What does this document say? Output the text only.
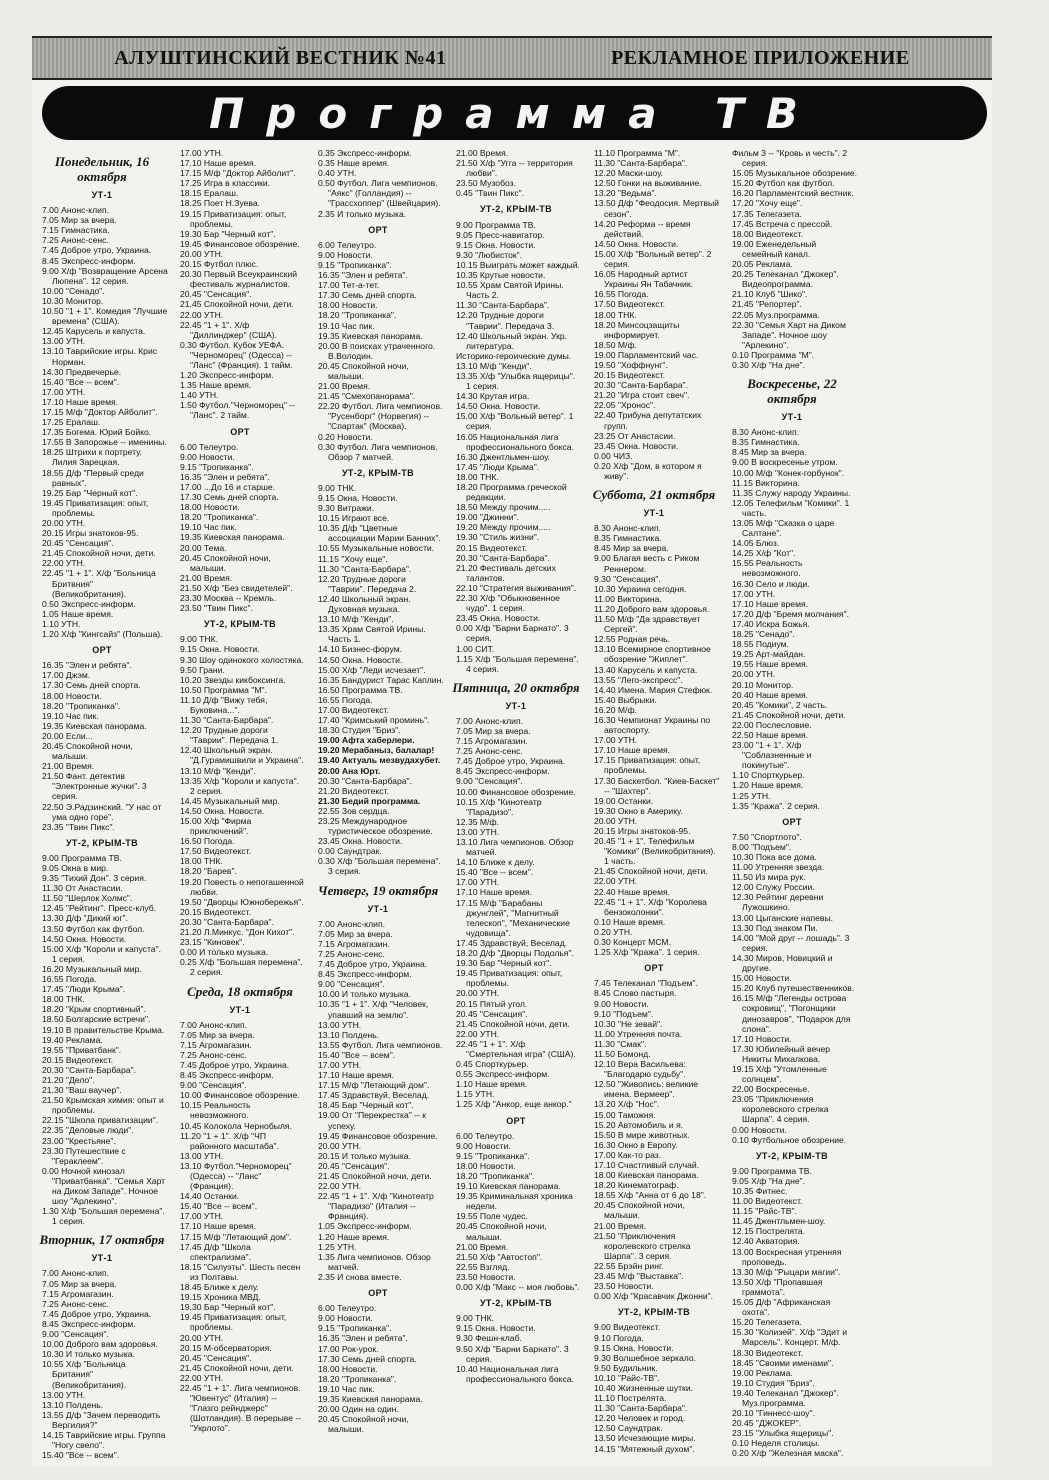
АЛУШТИНСКИЙ ВЕСТНИК №41	РЕКЛАМНОЕ ПРИЛОЖЕНИЕ
Программа ТВ
Понедельник, 16 октября
УТ-1
7.00 Анонс-клип.
7.05 Мир за вчера.
7.15 Гимнастика.
7.25 Анонс-сенс.
7.45 Доброе утро, Украина.
8.45 Экспресс-информ.
9.00 Х/ф "Возвращение Арсена Люпена". 12 серия.
10.00 "Сенадо".
10.30 Монитор.
10.50 "1 + 1". Комедия "Лучшие времена" (США).
12.45 Карусель и капуста.
13.00 УТН.
13.10 Таврийские игры. Крис Норман.
14.30 Предвечерье.
15.40 "Все -- всем".
17.00 УТН.
17.10 Наше время.
17.15 М/ф "Доктор Айболит".
17.25 Ералаш.
17.35 Богема. Юрий Бойко.
17.55 В Запорожье -- именины.
18.25 Штрихи к портрету. Лилия Зарецкая.
18.55 Д/ф "Первый среди равных".
19.25 Бар "Черный кот".
19.45 Приватизация: опыт, проблемы.
20.00 УТН.
20.15 Игры знатоков-95.
20.45 "Сенсация".
21.45 Спокойной ночи, дети.
22.00 УТН.
22.45 "1 + 1". Х/ф "Больница Бритвния" (Великобритания).
0.50 Экспресс-информ.
1.05 Наше время.
1.10 УТН.
1.20 Х/ф "Кингсайз" (Польша).
ОРТ
16.35 "Элен и ребята".
17.00 Джэм.
17.30 Семь дней спорта.
18.00 Новости.
18.20 "Тропиканка".
19.10 Час пик.
19.35 Киевская панорама.
20.00 Если...
20.45 Спокойной ночи, малыши.
21.00 Время.
21.50 Фант. детектив "Электронные жучки". 3 серия.
22.50 Э.Радзинский. "У нас от ума одно горе".
23.35 "Твин Пикс".
УТ-2, КРЫМ-ТВ
9.00 Программа ТВ.
9.05 Окна в мир.
9.35 "Тихий Дон". 3 серия.
11.30 От Анастасии.
11.50 "Шерлок Холмс".
12.45 "Рейтинг". Пресс-клуб.
13.30 Д/ф "Дикий юг".
13.50 Футбол как футбол.
14.50 Окна. Новости.
15.00 Х/ф "Короли и капуста". 1 серия.
16.20 Музыкальный мир.
16.55 Погода.
17.45 "Люди Крыма".
18.00 ТНК.
18.20 "Крым спортивный".
18.50 Болгарские встречи".
19.10 В правительстве Крыма.
19.40 Реклама.
19.55 "Приватбанк".
20.15 Видеотекст.
20.30 "Санта-Барбара".
21.20 "Дело".
21.30 "Ваш ваучер".
21.50 Крымская химия: опыт и проблемы.
22.15 "Школа приватизации".
22.35 "Деловые люди".
23.00 "Крестьяне".
23.30 Путешествие с "Гераклеем".
0.00 Ночной кинозал "Приватбанка". "Семья Харт на Диком Западе". Ночное шоу "Арлекино".
1.30 Х/ф "Большая перемена". 1 серия.
Вторник, 17 октября
УТ-1
7.00 Анонс-клип.
7.05 Мир за вчера.
7.15 Агромагазин.
7.25 Анонс-сенс.
7.45 Доброе утро, Украина.
8.45 Экспресс-информ.
9.00 "Сенсация".
10.00 Доброго вам здоровья.
10.30 И только музыка.
10.55 Х/ф "Больница Британия" (Великобритания).
13.00 УТН.
13.10 Полдень.
13.55 Д/ф "Зачем переводить Вергилия?"
14.15 Таврийские игры. Группа "Ногу свело".
15.40 "Все -- всем".
17.00 УТН.
17.10 Наше время.
17.15 М/ф "Доктор Айболит".
17.25 Игра в классики.
18.15 Ералаш.
18.25 Поет Н.Зуева.
19.15 Приватизация: опыт, проблемы.
19.30 Бар "Черный кот".
19.45 Финансовое обозрение.
20.00 УТН.
20.15 Футбол плюс.
20.30 Первый Всеукраинский фестиваль журналистов.
20.45 "Сенсация".
21.45 Спокойной ночи, дети.
22.00 УТН.
22.45 "1 + 1". Х/ф "Диллинджер" (США).
0.30 Футбол. Кубок УЕФА. "Черноморец" (Одесса) -- "Ланс" (Франция). 1 тайм.
1.20 Экспресс-информ.
1.35 Наше время.
1.40 УТН.
1.50 Футбол."Черноморец" -- "Ланс". 2 тайм.
ОРТ
6.00 Телеутро.
9.00 Новости.
9.15 "Тропиканка".
16.35 "Элен и ребята".
17.00 ...До 16 и старше.
17.30 Семь дней спорта.
18.00 Новости.
18.20 "Тропиканка".
19.10 Час пик.
19.35 Киевская панорама.
20.00 Тема.
20.45 Спокойной ночи, малыши.
21.00 Время.
21.50 Х/ф "Без свидетелей".
23.30 Москва -- Кремль.
23.50 "Твин Пикс".
УТ-2, КРЫМ-ТВ
9.00 ТНК.
9.15 Окна. Новости.
9.30 Шоу одинокого холостяка.
9.50 Грани.
10.20 Звезды кикбоксинга.
10.50 Программа "М".
11.10 Д/ф "Вижу тебя, Буковина...".
11.30 "Санта-Барбара".
12.20 Трудные дороги "Таврии". Передача 1.
12.40 Школьный экран. "Д.Гурамишвили и Украина".
13.10 М/ф "Кенди".
13.35 Х/ф "Короли и капуста". 2 серия.
14.45 Музыкальный мир.
14.50 Окна. Новости.
15.00 Х/ф "Фирма приключений".
16.50 Погода.
17.50 Видеотекст.
18.00 ТНК.
18.20 "Барев".
19.20 Повесть о непогашенной любви.
19.50 "Дворцы Южнобережья".
20.15 Видеотекст.
20.30 "Санта-Барбара".
21.20 Л.Минкус. "Дон Кихот".
23.15 "Киновек".
0.00 И только музыка.
0.25 Х/ф "Большая перемена". 2 серия.
Среда, 18 октября
УТ-1
7.00 Анонс-клип.
7.05 Мир за вчера.
7.15 Агромагазин.
7.25 Анонс-сенс.
7.45 Доброе утро, Украина.
8.45 Экспресс-информ.
9.00 "Сенсация".
10.00 Финансовое обозрение.
10.15 Реальность невозможного.
10.45 Колокола Чернобыля.
11.20 "1 + 1". Х/ф "ЧП районного масштаба".
13.00 УТН.
13.10 Футбол."Черноморец" (Одесса) -- "Ланс" (Франция).
14.40 Останки.
15.40 "Все -- всем".
17.00 УТН.
17.10 Наше время.
17.15 М/ф "Летающий дом".
17.45 Д/ф "Школа спектрализма".
18.15 "Силуэты". Шесть песен из Полтавы.
18.45 Ближе к делу.
19.15 Хроника МВД.
19.30 Бар "Черный кот".
19.45 Приватизация: опыт, проблемы.
20.00 УТН.
20.15 М-обсерватория.
20.45 "Сенсация".
21.45 Спокойной ночи, дети.
22.00 УТН.
22.45 "1 + 1". Лига чемпионов. "Ювентус" (Италия) -- "Глазго рейнджерс" (Шотландия). В перерыве -- "Укрлото".
0.35 Экспресс-информ.
0.35 Наше время.
0.40 УТН.
0.50 Футбол. Лига чемпионов. "Аякс" (Голландия) -- "Грассхоппер" (Швейцария).
2.35 И только музыка.
ОРТ
6.00 Телеутро.
9.00 Новости.
9.15 "Тропиканка".
16.35 "Элен и ребята".
17.00 Тет-а-тет.
17.30 Семь дней спорта.
18.00 Новости.
18.20 "Тропиканка".
19.10 Час пик.
19.35 Киевская панорама.
20.00 В поисках утраченного. В.Володин.
20.45 Спокойной ночи, малыши.
21.00 Время.
21.45 "Смехопанорама".
22.20 Футбол. Лига чемпионов. "Русенборг" (Норвегия) -- "Спартак" (Москва).
0.20 Новости.
0.30 Футбол. Лига чемпионов. Обзор 7 матчей.
УТ-2, КРЫМ-ТВ
9.00 ТНК.
9.15 Окна. Новости.
9.30 Витражи.
10.15 Играют все.
10.35 Д/ф "Цветные ассоциации Марии Банних".
10.55 Музыкальные новости.
11.15 "Хочу еще".
11.30 "Санта-Барбара".
12.20 Трудные дороги "Таврии". Передача 2.
12.40 Школьный экран. Духовная музыка.
13.10 М/ф "Кенди".
13.35 Храм Святой Ирины. Часть 1.
14.10 Бизнес-форум.
14.50 Окна. Новости.
15.00 Х/ф "Леди исчезает".
16.35 Бандурист Тарас Каплин.
16.50 Программа ТВ.
16.55 Погода.
17.00 Видеотекст.
17.40 "Кримський проминь".
18.30 Студия "Бриз".
19.00 Афта хаберлери.
19.20 Мерабаныз, балалар!
19.40 Актуаль мезвудахубет.
20.00 Ана Юрт.
20.30 "Санта-Барбара".
21.20 Видеотекст.
21.30 Бедий программа.
22.55 Зов сердца.
23.25 Международное туристическое обозрение.
23.45 Окна. Новости.
0.00 Саундтрак.
0.30 Х/ф "Большая перемена". 3 серия.
Четверг, 19 октября
УТ-1
7.00 Анонс-клип.
7.05 Мир за вчера.
7.15 Агромагазин.
7.25 Анонс-сенс.
7.45 Доброе утро, Украина.
8.45 Экспресс-информ.
9.00 "Сенсация".
10.00 И только музыка.
10.35 "1 + 1". Х/ф "Человек, упавший на землю".
13.00 УТН.
13.10 Полдень.
13.55 Футбол. Лига чемпионов.
15.40 "Все -- всем".
17.00 УТН.
17.10 Наше время.
17.15 М/ф "Летающий дом".
17.45 Здравствуй, Веселад.
18.45 Бар "Черный кот".
19.00 От "Перекрестка" -- к успеху.
19.45 Финансовое обозрение.
20.00 УТН.
20.15 И только музыка.
20.45 "Сенсация".
21.45 Спокойной ночи, дети.
22.00 УТН.
22.45 "1 + 1". Х/ф "Кинотеатр "Парадизо" (Италия -- Франция).
1.05 Экспресс-информ.
1.20 Наше время.
1.25 УТН.
1.35 Лига чемпионов. Обзор матчей.
2.35 И снова вместе.
ОРТ
6.00 Телеутро.
9.00 Новости.
9.15 "Тропиканка".
16.35 "Элен и ребята".
17.00 Рок-урок.
17.30 Семь дней спорта.
18.00 Новости.
18.20 "Тропиканка".
19.10 Час пик.
19.35 Киевская панорама.
20.00 Один на один.
20.45 Спокойной ночи, малыши.
21.00 Время.
21.50 Х/ф "Угга -- территория любви".
23.50 Музобоз.
0.45 "Твин Пикс".
УТ-2, КРЫМ-ТВ
9.00 Программа ТВ.
9.05 Пресс-навигатор.
9.15 Окна. Новости.
9.30 "Любисток".
10.15 Выиграть может каждый.
10.35 Крутые новости.
10.55 Храм Святой Ирины. Часть 2.
11.30 "Санта-Барбара".
12.20 Трудные дороги "Таврии". Передача 3.
12.40 Школьный экран. Укр. литература.
Историко-героические думы.
13.10 М/ф "Кенди".
13.35 Х/ф "Улыбка ящерицы". 1 серия.
14.30 Крутая игра.
14.50 Окна. Новости.
15.00 Х/ф "Вольный ветер". 1 серия.
16.05 Национальная лига профессионального бокса.
16.30 Джентльмен-шоу.
17.45 "Люди Крыма".
18.00 ТНК.
18.20 Программа греческой редакции.
18.50 Между прочим.....
19.00 "Джинни".
19.20 Между прочим.....
19.30 "Стиль жизни".
20.15 Видеотекст.
20.30 "Санта-Барбара".
21.20 Фестиваль детских талантов.
22.10 "Стратегия выживания".
22.30 Х/ф "Обыкновенное чудо". 1 серия.
23.45 Окна. Новости.
0.00 Х/ф "Барни Барнато". 3 серия.
1.00 СИТ.
1.15 Х/ф "Большая перемена". 4 серия.
Пятница, 20 октября
УТ-1
7.00 Анонс-клип.
7.05 Мир за вчера.
7.15 Агромагазин.
7.25 Анонс-сенс.
7.45 Доброе утро, Украина.
8.45 Экспресс-информ.
9.00 "Сенсация".
10.00 Финансовое обозрение.
10.15 Х/ф "Кинотеатр "Парадизо".
12.35 М/ф.
13.00 УТН.
13.10 Лига чемпионов. Обзор матчей.
14.10 Ближе к делу.
15.40 "Все -- всем".
17.00 УТН.
17.10 Наше время.
17.15 М/ф "Барабаны джунглей", "Магнитный телескоп", "Механические чудовища".
17.45 Здравствуй, Веселад.
18.20 Д/ф "Дворцы Подолья".
19.30 Бар "Черный кот".
19.45 Приватизация: опыт, проблемы.
20.00 УТН.
20.15 Пятый угол.
20.45 "Сенсация".
21.45 Спокойной ночи, дети.
22.00 УТН.
22.45 "1 + 1". Х/ф "Смертельная игра" (США).
0.45 Спорткурьер.
0.55 Экспресс-информ.
1.10 Наше время.
1.15 УТН.
1.25 Х/ф "Анкор, еще анкор."
ОРТ
6.00 Телеутро.
9.00 Новости.
9.15 "Тропиканка".
18.00 Новости.
18.20 "Тропиканка".
19.10 Киевская панорама.
19.35 Криминальная хроника недели.
19.55 Поле чудес.
20.45 Спокойной ночи, малыши.
21.00 Время.
21.50 Х/ф "Автостоп".
22.55 Взгляд.
23.50 Новости.
0.00 Х/ф "Макс -- моя любовь".
УТ-2, КРЫМ-ТВ
9.00 ТНК.
9.15 Окна. Новости.
9.30 Фешн-клаб.
9.50 Х/ф "Барни Барнато". 3 серия.
10.40 Национальная лига профессионального бокса.
11.10 Программа "М".
11.30 "Санта-Барбара".
12.20 Маски-шоу.
12.50 Гонки на выживание.
13.20 "Ведьма".
13.50 Д/ф "Феодосия. Мертвый сезон".
14.20 Реформа -- время действий.
14.50 Окна. Новости.
15.00 Х/ф "Вольный ветер". 2 серия.
16.05 Народный артист Украины Ян Табачник.
16.55 Погода.
17.50 Видеотекст.
18.00 ТНК.
18.20 Минсоцзащиты информирует.
18.50 М/ф.
19.00 Парламентский час.
19.50 "Хоффнунг".
20.15 Видеотекст.
20.30 "Санта-Барбара".
21.20 "Игра стоит свеч".
22.05 "Хронос".
22.40 Трибуна депутатских групп.
23.25 От Анастасии.
23.45 Окна. Новости.
0.00 ЧИЗ.
0.20 Х/ф "Дом, в котором я живу".
Суббота, 21 октября
УТ-1
8.30 Анонс-клип.
8.35 Гимнастика.
8.45 Мир за вчера.
9.00 Благая весть с Риком Реннером.
9.30 "Сенсация".
10.30 Украина сегодня.
11.00 Викторина.
11.20 Доброго вам здоровья.
11.50 М/ф "Да здравствует Сергей".
12.55 Родная речь.
13.10 Всемирное спортивное обозрение "Жиплет".
13.40 Карусель и капуста.
13.55 "Лего-экспресс".
14.40 Имена. Мария Стефюк.
15.40 Выбрыки.
16.20 М/ф.
16.30 Чемпионат Украины по автоспорту.
17.00 УТН.
17.10 Наше время.
17.15 Приватизация: опыт, проблемы.
17.30 Баскетбол. "Киев-Баскет" -- "Шахтер".
19.00 Останки.
19.30 Окно в Америку.
20.00 УТН.
20.15 Игры знатоков-95.
20.45 "1 + 1". Телефильм "Комики" (Великобритания). 1 часть.
21.45 Спокойной ночи, дети.
22.00 УТН.
22.40 Наше время.
22.45 "1 + 1". Х/ф "Королева бензоколонки".
0.10 Наше время.
0.20 УТН.
0.30 Концерт МСМ.
1.25 Х/ф "Кража". 1 серия.
ОРТ
7.45 Телеканал "Подъем".
8.45 Слово пастыря.
9.00 Новости.
9.10 "Подъем".
10.30 "Не зевай".
11.00 Утренняя почта.
11.30 "Смак".
11.50 Бомонд.
12.10 Вера Васильева: "Благодарю судьбу".
12.50 "Живопись: великие имена. Вермеер".
13.20 Х/ф "Нос".
15.00 Таможня.
15.20 Автомобиль и я.
15.50 В мире животных.
16.30 Окно в Европу.
17.00 Как-то раз.
17.10 Счастливый случай.
18.00 Киевская панорама.
18.20 Кинематограф.
18.55 Х/ф "Анна от 6 до 18".
20.45 Спокойной ночи, малыши.
21.00 Время.
21.50 "Приключения королевского стрелка Шарпа". 3 серия.
22.55 Брэйн ринг.
23.45 М/ф "Выставка".
23.50 Новости.
0.00 Х/ф "Красавчик Джонни".
УТ-2, КРЫМ-ТВ
9.00 Видеотекст.
9.10 Погода.
9.15 Окна. Новости.
9.30 Волшебное зеркало.
9.50 Будильник.
10.10 "Райс-ТВ".
10.40 Жизненные шутки.
11.10 Пострелята.
11.30 "Санта-Барбара".
12.20 Человек и город.
12.50 Саундтрак.
13.50 Исчезающие миры.
14.15 "Мятежный духом".
Фильм 3 -- "Кровь и честь". 2 серия.
15.05 Музыкальное обозрение.
15.20 Футбол как футбол.
16.20 Парламентский вестник.
17.20 "Хочу еще".
17.35 Телегазета.
17.45 Встреча с прессой.
18.00 Видеотекст.
19.00 Еженедельный семейный канал.
20.05 Реклама.
20.25 Телеканал "Джокер". Видеопрограмма.
21.10 Клуб "Шико".
21.45 "Репортер".
22.05 Муз.программа.
22.30 "Семья Харт на Диком Западе". Ночное шоу "Арлекино".
0.10 Программа "М".
0.30 Х/ф "На дне".
Воскресенье, 22 октября
УТ-1
8.30 Анонс-клип.
8.35 Гимнастика.
8.45 Мир за вчера.
9.00 В воскресенье утром.
10.00 М/ф "Конек-горбунок".
11.15 Викторина.
11.35 Служу народу Украины.
12.05 Телефильм "Комики". 1 часть.
13.05 М/ф "Сказка о царе Салтане".
14.05 Блюз.
14.25 Х/ф "Кот".
15.55 Реальность невозможного.
16.30 Село и люди.
17.00 УТН.
17.10 Наше время.
17.20 Д/ф "Бремя молчания".
17.40 Искра Божья.
18.25 "Сенадо".
18.55 Подиум.
19.25 Арт-майдан.
19.55 Наше время.
20.00 УТН.
20.10 Монитор.
20.40 Наше время.
20.45 "Комики", 2 часть.
21.45 Спокойной ночи, дети.
22.00 Послесловие.
22.50 Наше время.
23.00 "1 + 1". Х/ф "Соблазненные и покинутые".
1.10 Спорткурьер.
1.20 Наше время.
1.25 УТН.
1.35 "Кража". 2 серия.
ОРТ
7.50 "Спортлото".
8.00 "Подъем".
10.30 Пока все дома.
11.00 Утренняя звезда.
11.50 Из мира рук.
12.00 Служу России.
12.30 Рейтинг деревни Лужошкино.
13.00 Цыганские напевы.
13.30 Под знаком Пи.
14.00 "Мой друг -- лошадь". 3 серия.
14.30 Миров, Новицкий и другие.
15.00 Новости.
15.20 Клуб путешественников.
16.15 М/ф "Легенды острова сокровищ", "Погонщики динозавров", "Подарок для слона".
17.10 Новости.
17.30 Юбилейный вечер Никиты Михалкова.
19.15 Х/ф "Утомленные солнцем".
22.00 Воскресенье.
23.05 "Приключения королевского стрелка Шарпа". 4 серия.
0.00 Новости.
0.10 Футбольное обозрение.
УТ-2, КРЫМ-ТВ
9.00 Программа ТВ.
9.05 Х/ф "На дне".
10.35 Фитнес.
11.00 Видеотекст.
11.15 "Райс-ТВ".
11.45 Джентльмен-шоу.
12.15 Пострелята.
12.40 Акватория.
13.00 Воскресная утренняя проповедь.
13.30 М/ф "Рыцари магии".
13.50 Х/ф "Пропавшая граммота".
15.05 Д/ф "Африканская охота".
15.20 Телегазета.
15.30 "Колизей". Х/ф "Эдит и Марсель". Концерт. М/ф.
18.30 Видеотекст.
18.45 "Своими именами".
19.00 Реклама.
19.10 Студия "Бриз".
19.40 Телеканал "Джокер". Муз.программа.
20.10 "Гиннесс-шоу".
20.45 "ДЖОКЕР".
23.15 "Улыбка ящерицы".
0.10 Неделя столицы.
0.20 Х/ф "Железная маска".
